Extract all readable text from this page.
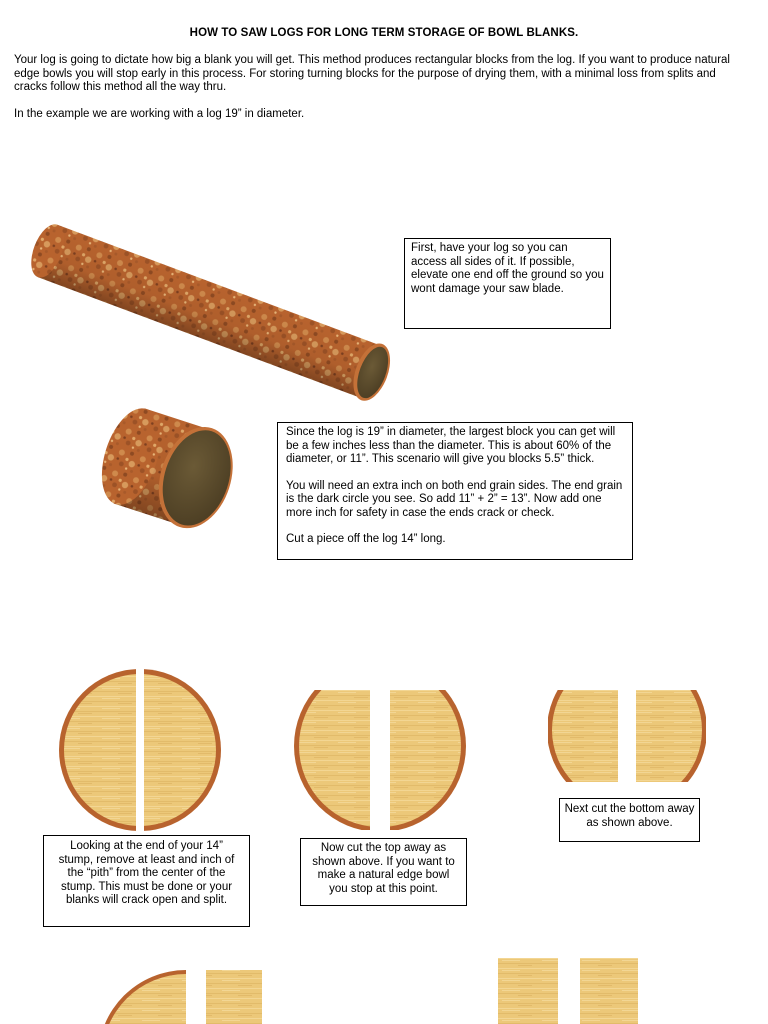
HOW TO SAW LOGS FOR LONG TERM STORAGE OF BOWL BLANKS.
Your log is going to dictate how big a blank you will get. This method produces rectangular blocks from the log. If you want to produce natural edge bowls you will stop early in this process. For storing turning blocks for the purpose of drying them, with a minimal loss from splits and cracks follow this method all the way thru.
In the example we are working with a log 19” in diameter.

First, have your log so you can access all sides of it. If possible, elevate one end off the ground so you wont damage your saw blade.

Since the log is 19” in diameter, the largest block you can get will be a few inches less than the diameter. This is about 60% of the diameter, or 11”. This scenario will give you blocks 5.5” thick.

You will need an extra inch on both end grain sides. The end grain is the dark circle you see. So add 11” + 2” = 13”. Now add one more inch for safety in case the ends crack or check.

Cut a piece off the log 14” long.

Next cut the bottom away as shown above.

Looking at the end of your 14” stump, remove at least and inch of the “pith” from the center of the stump. This must be done or your blanks will crack open and split.

Now cut the top away as shown above. If you want to make a natural edge bowl you stop at this point.
